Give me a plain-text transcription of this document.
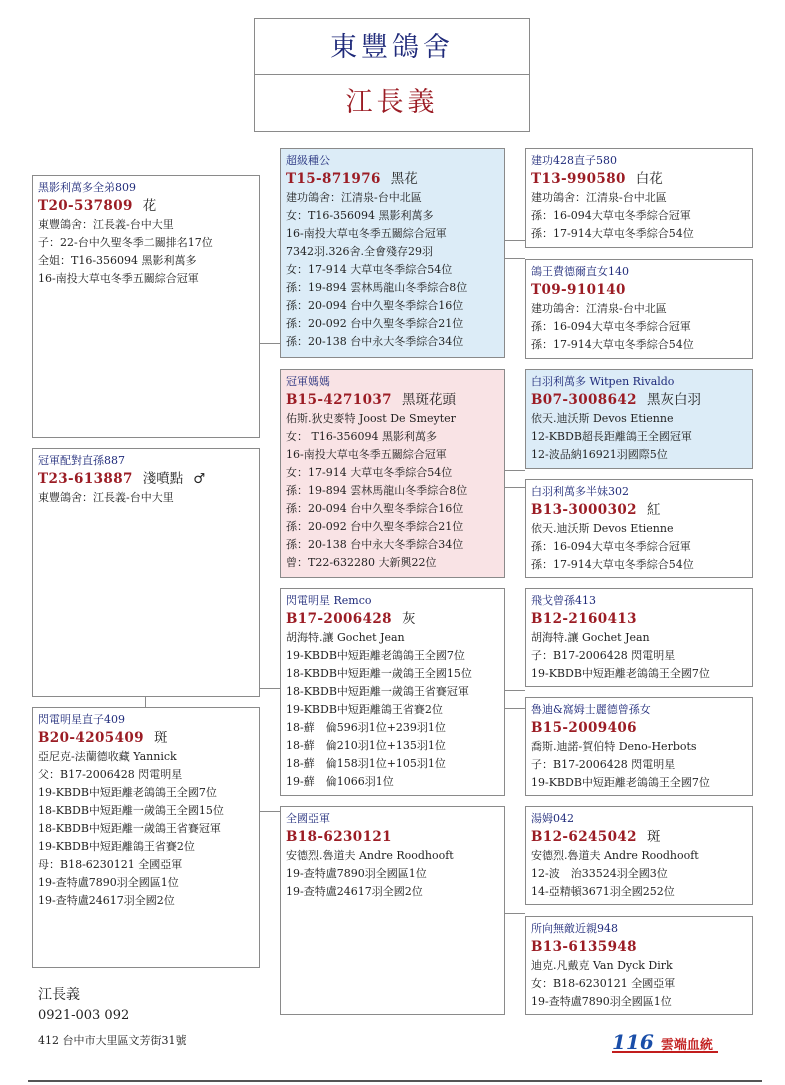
東豐鴿舍
江長義
黑影利萬多全弟809
T20-537809 花
東豐鴿舍：江長義-台中大里
子：22-台中久聖冬季二關排名17位
全姐：T16-356094 黑影利萬多
16-南投大草屯冬季五關綜合冠軍
超級種公
T15-871976 黑花
建功鴿舍：江清泉-台中北區
女：T16-356094 黑影利萬多
16-南投大草屯冬季五關綜合冠軍
7342羽.326舍.全會殘存29羽
女：17-914 大草屯冬季綜合54位
孫：19-894 雲林馬龍山冬季綜合8位
孫：20-094 台中久聖冬季綜合16位
孫：20-092 台中久聖冬季綜合21位
孫：20-138 台中永大冬季綜合34位
建功428直子580
T13-990580 白花
建功鴿舍：江清泉-台中北區
孫：16-094大草屯冬季綜合冠軍
孫：17-914大草屯冬季綜合54位
鴿王費德爾直女140
T09-910140
建功鴿舍：江清泉-台中北區
孫：16-094大草屯冬季綜合冠軍
孫：17-914大草屯冬季綜合54位
冠軍媽媽
B15-4271037 黑斑花頭
佑斯.狄史麥特 Joost De Smeyter
女： T16-356094 黑影利萬多
16-南投大草屯冬季五關綜合冠軍
女：17-914 大草屯冬季綜合54位
孫：19-894 雲林馬龍山冬季綜合8位
孫：20-094 台中久聖冬季綜合16位
孫：20-092 台中久聖冬季綜合21位
孫：20-138 台中永大冬季綜合34位
曾：T22-632280 大新興22位
白羽利萬多 Witpen Rivaldo
B07-3008642 黑灰白羽
依天.迪沃斯 Devos Etienne
12-KBDB超長距離鴿王全國冠軍
12-波品納16921羽國際5位
白羽利萬多半妹302
B13-3000302 紅
依天.迪沃斯 Devos Etienne
孫：16-094大草屯冬季綜合冠軍
孫：17-914大草屯冬季綜合54位
冠軍配對直孫887
T23-613887 淺噴點 ♂
東豐鴿舍：江長義-台中大里
閃電明星 Remco
B17-2006428 灰
胡海特.讓 Gochet Jean
19-KBDB中短距離老鴿鴿王全國7位
18-KBDB中短距離一歲鴿王全國15位
18-KBDB中短距離一歲鴿王省賽冠軍
19-KBDB中短距離鴿王省賽2位
18-蘚　倫596羽1位+239羽1位
18-蘚　倫210羽1位+135羽1位
18-蘚　倫158羽1位+105羽1位
19-蘚　倫1066羽1位
飛戈曾孫413
B12-2160413
胡海特.讓 Gochet Jean
子：B17-2006428 閃電明星
19-KBDB中短距離老鴿鴿王全國7位
魯迪&窩姆士麗德曾孫女
B15-2009406
喬斯.迪諾-賀伯特 Deno-Herbots
子：B17-2006428 閃電明星
19-KBDB中短距離老鴿鴿王全國7位
閃電明星直子409
B20-4205409 斑
亞尼克-法蘭德收藏 Yannick
父：B17-2006428 閃電明星
19-KBDB中短距離老鴿鴿王全國7位
18-KBDB中短距離一歲鴿王全國15位
18-KBDB中短距離一歲鴿王省賽冠軍
19-KBDB中短距離鴿王省賽2位
母：B18-6230121 全國亞軍
19-查特盧7890羽全國區1位
19-查特盧24617羽全國2位
全國亞軍
B18-6230121
安德烈.魯道夫 Andre Roodhooft
19-查特盧7890羽全國區1位
19-查特盧24617羽全國2位
湯姆042
B12-6245042 斑
安德烈.魯道夫 Andre Roodhooft
12-波　治33524羽全國3位
14-亞精頓3671羽全國252位
所向無敵近親948
B13-6135948
迪克.凡戴克 Van Dyck Dirk
女：B18-6230121 全國亞軍
19-查特盧7890羽全國區1位
江長義
0921-003 092
412 台中市大里區文芳街31號	116 雲端血統
